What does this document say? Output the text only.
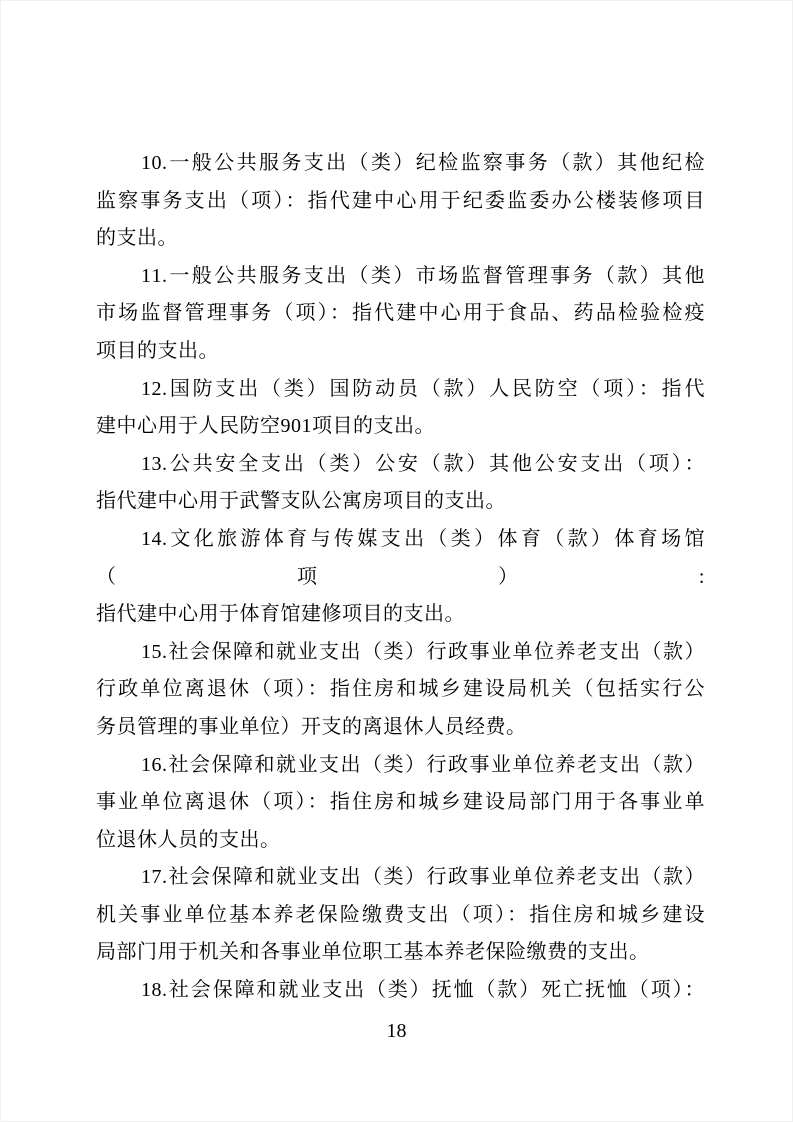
10.一般公共服务支出（类）纪检监察事务（款）其他纪检
监察事务支出（项）：指代建中心用于纪委监委办公楼装修项目
的支出。
11.一般公共服务支出（类）市场监督管理事务（款）其他
市场监督管理事务（项）：指代建中心用于食品、药品检验检疫
项目的支出。
12.国防支出（类）国防动员（款）人民防空（项）：指代
建中心用于人民防空901项目的支出。
13.公共安全支出（类）公安（款）其他公安支出（项）：
指代建中心用于武警支队公寓房项目的支出。
14.文化旅游体育与传媒支出（类）体育（款）体育场馆（项）:
指代建中心用于体育馆建修项目的支出。
15.社会保障和就业支出（类）行政事业单位养老支出（款）
行政单位离退休（项）：指住房和城乡建设局机关（包括实行公
务员管理的事业单位）开支的离退休人员经费。
16.社会保障和就业支出（类）行政事业单位养老支出（款）
事业单位离退休（项）：指住房和城乡建设局部门用于各事业单
位退休人员的支出。
17.社会保障和就业支出（类）行政事业单位养老支出（款）
机关事业单位基本养老保险缴费支出（项）：指住房和城乡建设
局部门用于机关和各事业单位职工基本养老保险缴费的支出。
18.社会保障和就业支出（类）抚恤（款）死亡抚恤（项）：
18
